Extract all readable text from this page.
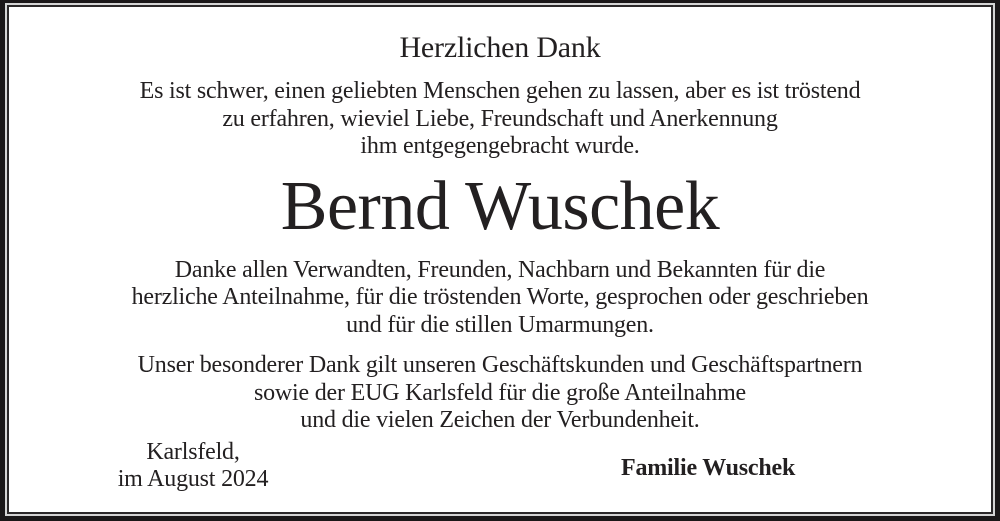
Herzlichen Dank
Es ist schwer, einen geliebten Menschen gehen zu lassen, aber es ist tröstend
zu erfahren, wieviel Liebe, Freundschaft und Anerkennung
ihm entgegengebracht wurde.
Bernd Wuschek
Danke allen Verwandten, Freunden, Nachbarn und Bekannten für die
herzliche Anteilnahme, für die tröstenden Worte, gesprochen oder geschrieben
und für die stillen Umarmungen.
Unser besonderer Dank gilt unseren Geschäftskunden und Geschäftspartnern
sowie der EUG Karlsfeld für die große Anteilnahme
und die vielen Zeichen der Verbundenheit.
Karlsfeld,
im August 2024	Familie Wuschek
